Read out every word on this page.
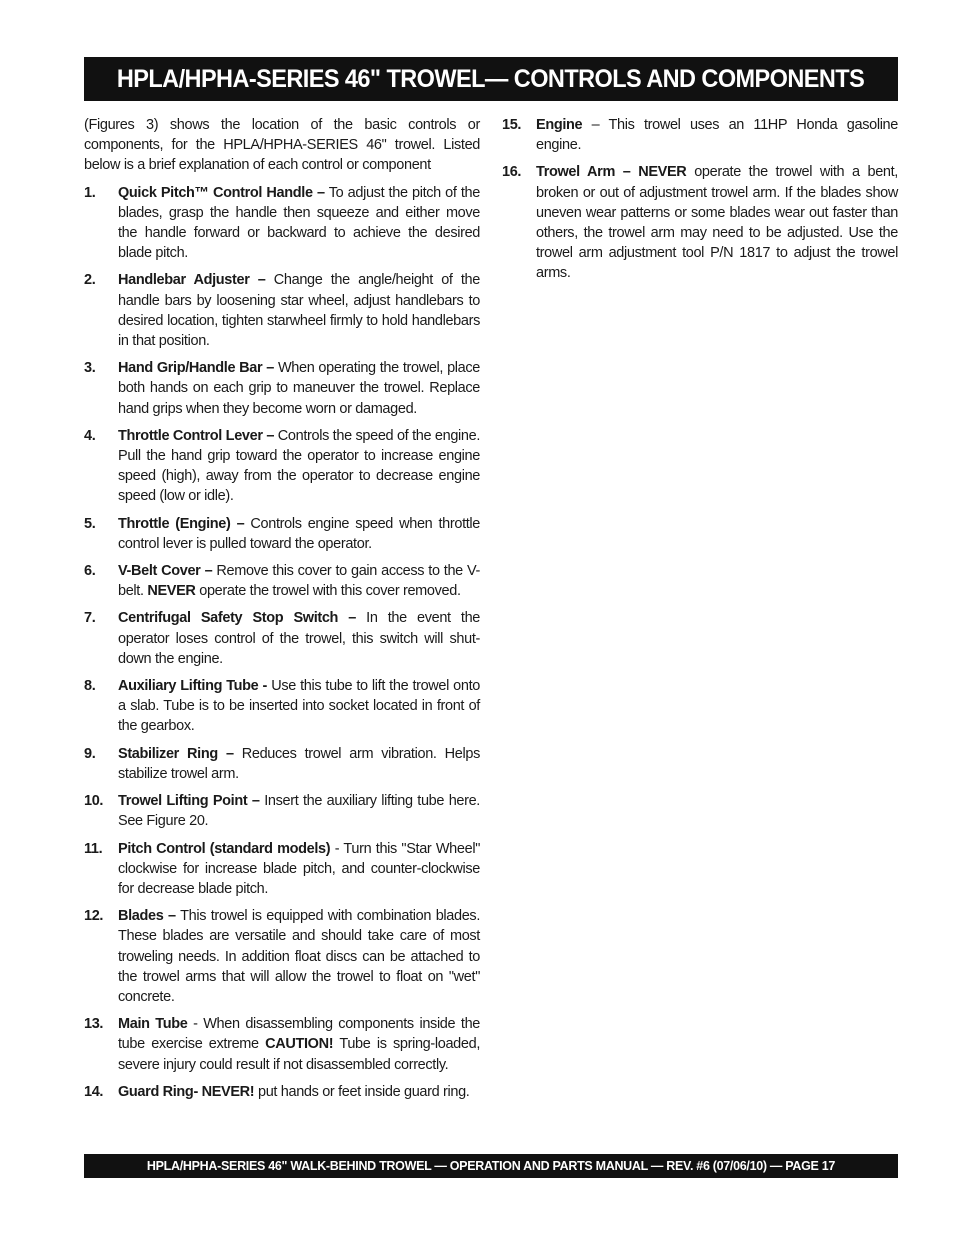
HPLA/HPHA-SERIES 46" TROWEL— CONTROLS AND COMPONENTS

(Figures 3) shows the location of the basic controls or components, for the HPLA/HPHA-SERIES 46" trowel. Listed below is a brief explanation of each control or component

1.	Quick Pitch™ Control Handle – To adjust the pitch of the blades, grasp the handle then squeeze and either move the handle forward or backward to achieve the desired blade pitch.
2.	Handlebar Adjuster – Change the angle/height of the handle bars by loosening star wheel, adjust handlebars to desired location, tighten starwheel firmly to hold handlebars in that position.
3.	Hand Grip/Handle Bar – When operating the trowel, place both hands on each grip to maneuver the trowel. Replace hand grips when they become worn or damaged.
4.	Throttle Control Lever – Controls the speed of the engine. Pull the hand grip toward the operator to increase engine speed (high), away from the operator to decrease engine speed (low or idle).
5.	Throttle (Engine) – Controls engine speed when throttle control lever is pulled toward the operator.
6.	V-Belt Cover – Remove this cover to gain access to the V-belt. NEVER operate the trowel with this cover removed.
7.	Centrifugal Safety Stop Switch – In the event the operator loses control of the trowel, this switch will shut-down the engine.
8.	Auxiliary Lifting Tube - Use this tube to lift the trowel onto a slab. Tube is to be inserted into socket located in front of the gearbox.
9.	Stabilizer Ring – Reduces trowel arm vibration. Helps stabilize trowel arm.
10.	Trowel Lifting Point – Insert the auxiliary lifting tube here. See Figure 20.
11.	Pitch Control (standard models) - Turn this "Star Wheel" clockwise for increase blade pitch, and counter-clockwise for decrease blade pitch.
12.	Blades – This trowel is equipped with combination blades. These blades are versatile and should take care of most troweling needs. In addition float discs can be attached to the trowel arms that will allow the trowel to float on "wet" concrete.
13.	Main Tube - When disassembling components inside the tube exercise extreme CAUTION! Tube is spring-loaded, severe injury could result if not disassembled correctly.
14.	Guard Ring- NEVER! put hands or feet inside guard ring.
15.	Engine – This trowel uses an 11HP Honda gasoline engine.
16.	Trowel Arm – NEVER operate the trowel with a bent, broken or out of adjustment trowel arm. If the blades show uneven wear patterns or some blades wear out faster than others, the trowel arm may need to be adjusted. Use the trowel arm adjustment tool P/N 1817 to adjust the trowel arms.
HPLA/HPHA-SERIES 46" WALK-BEHIND TROWEL — OPERATION AND PARTS MANUAL — REV. #6 (07/06/10) — PAGE 17
